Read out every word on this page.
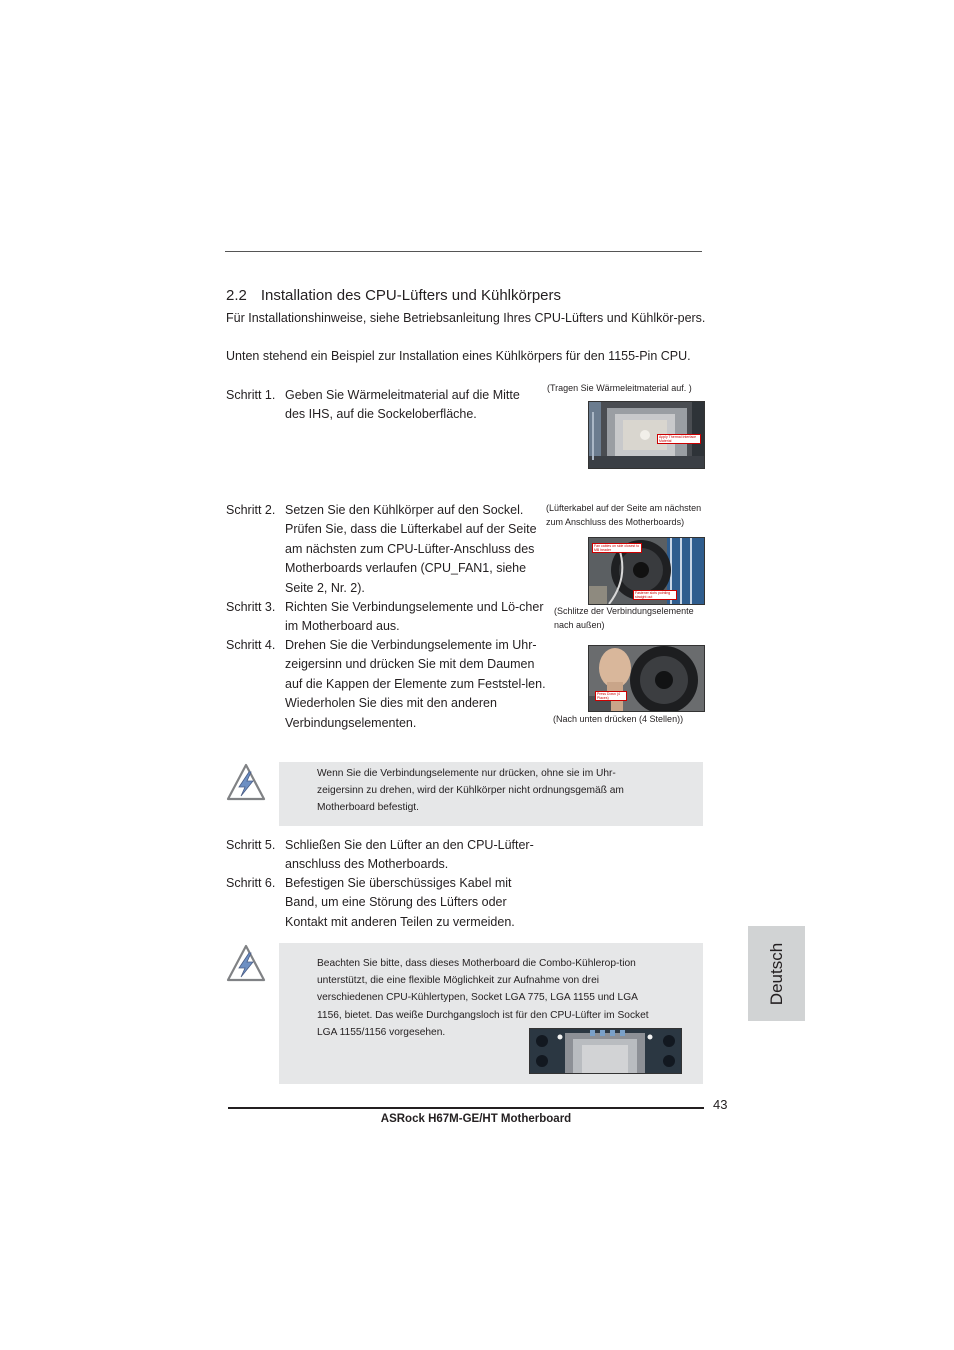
2.2 Installation des CPU-Lüfters und Kühlkörpers
Für Installationshinweise, siehe Betriebsanleitung Ihres CPU-Lüfters und Kühlkör-pers.
Unten stehend ein Beispiel zur Installation eines Kühlkörpers für den 1155-Pin CPU.
Schritt 1. Geben Sie Wärmeleitmaterial auf die Mitte des IHS, auf die Sockeloberfläche.
(Tragen Sie Wärmeleitmaterial auf. )
Apply Thermal Interface Material
Schritt 2. Setzen Sie den Kühlkörper auf den Sockel. Prüfen Sie, dass die Lüfterkabel auf der Seite am nächsten zum CPU-Lüfter-Anschluss des Motherboards verlaufen (CPU_FAN1, siehe Seite 2, Nr. 2).
(Lüfterkabel auf der Seite am nächsten
zum Anschluss des Motherboards)
Fan cables on side closest to MB header
Fastener slots pointing straight out
(Schlitze der Verbindungselemente
nach außen)
Schritt 3. Richten Sie Verbindungselemente und Lö-cher im Motherboard aus.
Schritt 4. Drehen Sie die Verbindungselemente im Uhr-zeigersinn und drücken Sie mit dem Daumen auf die Kappen der Elemente zum Feststel-len. Wiederholen Sie dies mit den anderen Verbindungselementen.
Press Down (4 Places)
(Nach unten drücken (4 Stellen))
Wenn Sie die Verbindungselemente nur drücken, ohne sie im Uhr-zeigersinn zu drehen, wird der Kühlkörper nicht ordnungsgemäß am Motherboard befestigt.
Schritt 5. Schließen Sie den Lüfter an den CPU-Lüfter-anschluss des Motherboards.
Schritt 6. Befestigen Sie überschüssiges Kabel mit Band, um eine Störung des Lüfters oder Kontakt mit anderen Teilen zu vermeiden.
Deutsch
Beachten Sie bitte, dass dieses Motherboard die Combo-Kühlerop-tion unterstützt, die eine flexible Möglichkeit zur Aufnahme von drei verschiedenen CPU-Kühlertypen, Socket LGA 775, LGA 1155 und LGA 1156, bietet. Das weiße Durchgangsloch ist für den CPU-Lüfter im Socket LGA 1155/1156 vorgesehen.
43
ASRock H67M-GE/HT Motherboard
